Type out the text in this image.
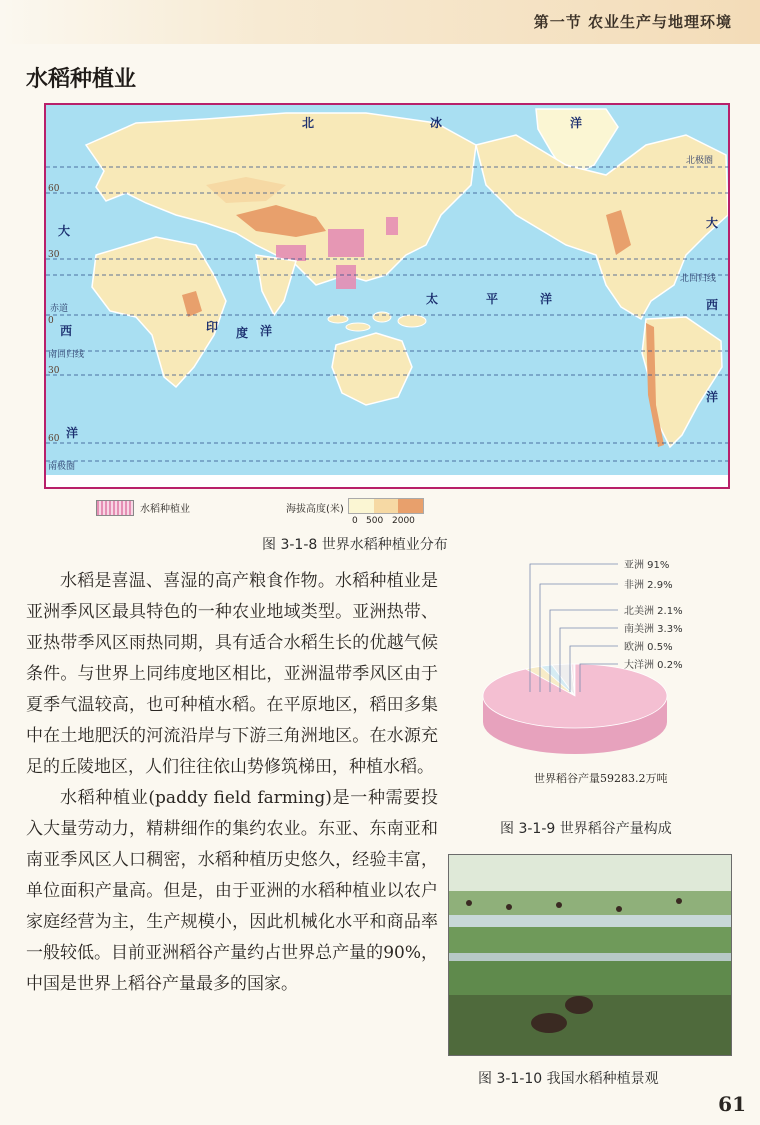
第一节 农业生产与地理环境
水稻种植业
北	冰	洋
大
西
洋
印 度 洋
太	平	洋
大
西
洋
60
30
0
30
60
北极圈
北回归线
赤道
南回归线
南极圈
水稻种植业	海拔高度(米)
0 500 2000
图 3-1-8 世界水稻种植业分布

水稻是喜温、喜湿的高产粮食作物。水稻种植业是亚洲季风区最具特色的一种农业地域类型。亚洲热带、亚热带季风区雨热同期，具有适合水稻生长的优越气候条件。与世界上同纬度地区相比，亚洲温带季风区由于夏季气温较高，也可种植水稻。在平原地区，稻田多集中在土地肥沃的河流沿岸与下游三角洲地区。在水源充足的丘陵地区，人们往往依山势修筑梯田，种植水稻。

水稻种植业(paddy field farming)是一种需要投入大量劳动力，精耕细作的集约农业。东亚、东南亚和南亚季风区人口稠密，水稻种植历史悠久，经验丰富，单位面积产量高。但是，由于亚洲的水稻种植业以农户家庭经营为主，生产规模小，因此机械化水平和商品率一般较低。目前亚洲稻谷产量约占世界总产量的90%，中国是世界上稻谷产量最多的国家。

亚洲 91%
非洲 2.9%
北美洲 2.1%
南美洲 3.3%
欧洲 0.5%
大洋洲 0.2%
世界稻谷产量59283.2万吨
图 3-1-9 世界稻谷产量构成
图 3-1-10 我国水稻种植景观
61
